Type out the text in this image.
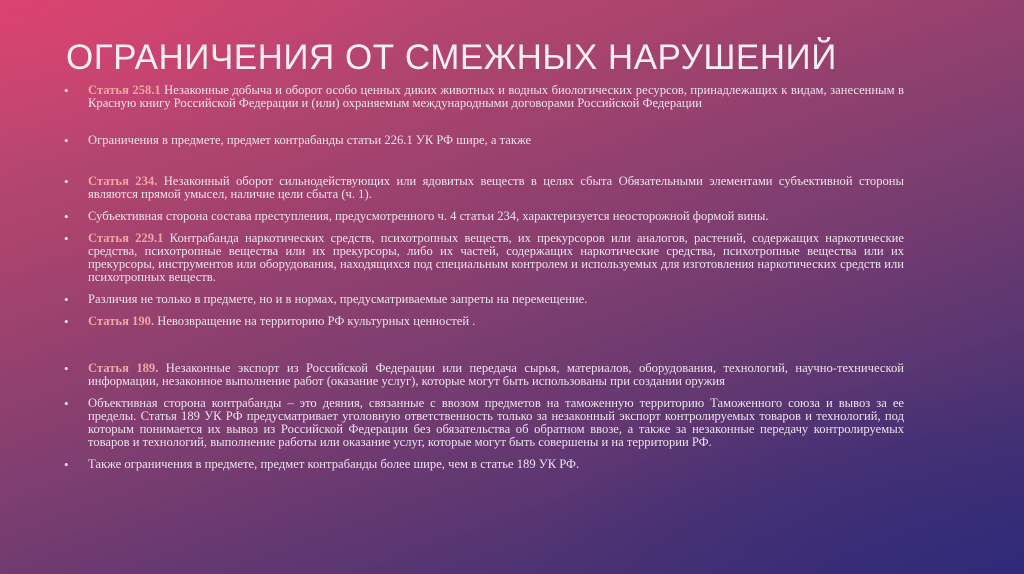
ОГРАНИЧЕНИЯ ОТ СМЕЖНЫХ НАРУШЕНИЙ
• Статья 258.1 Незаконные добыча и оборот особо ценных диких животных и водных биологических ресурсов, принадлежащих к видам, занесенным в Красную книгу Российской Федерации и (или) охраняемым международными договорами Российской Федерации
• Ограничения в предмете, предмет контрабанды статьи 226.1 УК РФ шире, а также
• Статья 234. Незаконный оборот сильнодействующих или ядовитых веществ в целях сбыта Обязательными элементами субъективной стороны являются прямой умысел, наличие цели сбыта (ч. 1).
• Субъективная сторона состава преступления, предусмотренного ч. 4 статьи 234, характеризуется неосторожной формой вины.
• Статья 229.1 Контрабанда наркотических средств, психотропных веществ, их прекурсоров или аналогов, растений, содержащих наркотические средства, психотропные вещества или их прекурсоры, либо их частей, содержащих наркотические средства, психотропные вещества или их прекурсоры, инструментов или оборудования, находящихся под специальным контролем и используемых для изготовления наркотических средств или психотропных веществ.
• Различия не только в предмете, но и в нормах, предусматриваемые запреты на перемещение.
• Статья 190. Невозвращение на территорию РФ культурных ценностей .
• Статья 189. Незаконные экспорт из Российской Федерации или передача сырья, материалов, оборудования, технологий, научно-технической информации, незаконное выполнение работ (оказание услуг), которые могут быть использованы при создании оружия
• Объективная сторона контрабанды – это деяния, связанные с ввозом предметов на таможенную территорию Таможенного союза и вывоз за ее пределы. Статья 189 УК РФ предусматривает уголовную ответственность только за незаконный экспорт контролируемых товаров и технологий, под которым понимается их вывоз из Российской Федерации без обязательства об обратном ввозе, а также за незаконные передачу контролируемых товаров и технологий, выполнение работы или оказание услуг, которые могут быть совершены и на территории РФ.
• Также ограничения в предмете, предмет контрабанды более шире, чем в статье 189 УК РФ.
